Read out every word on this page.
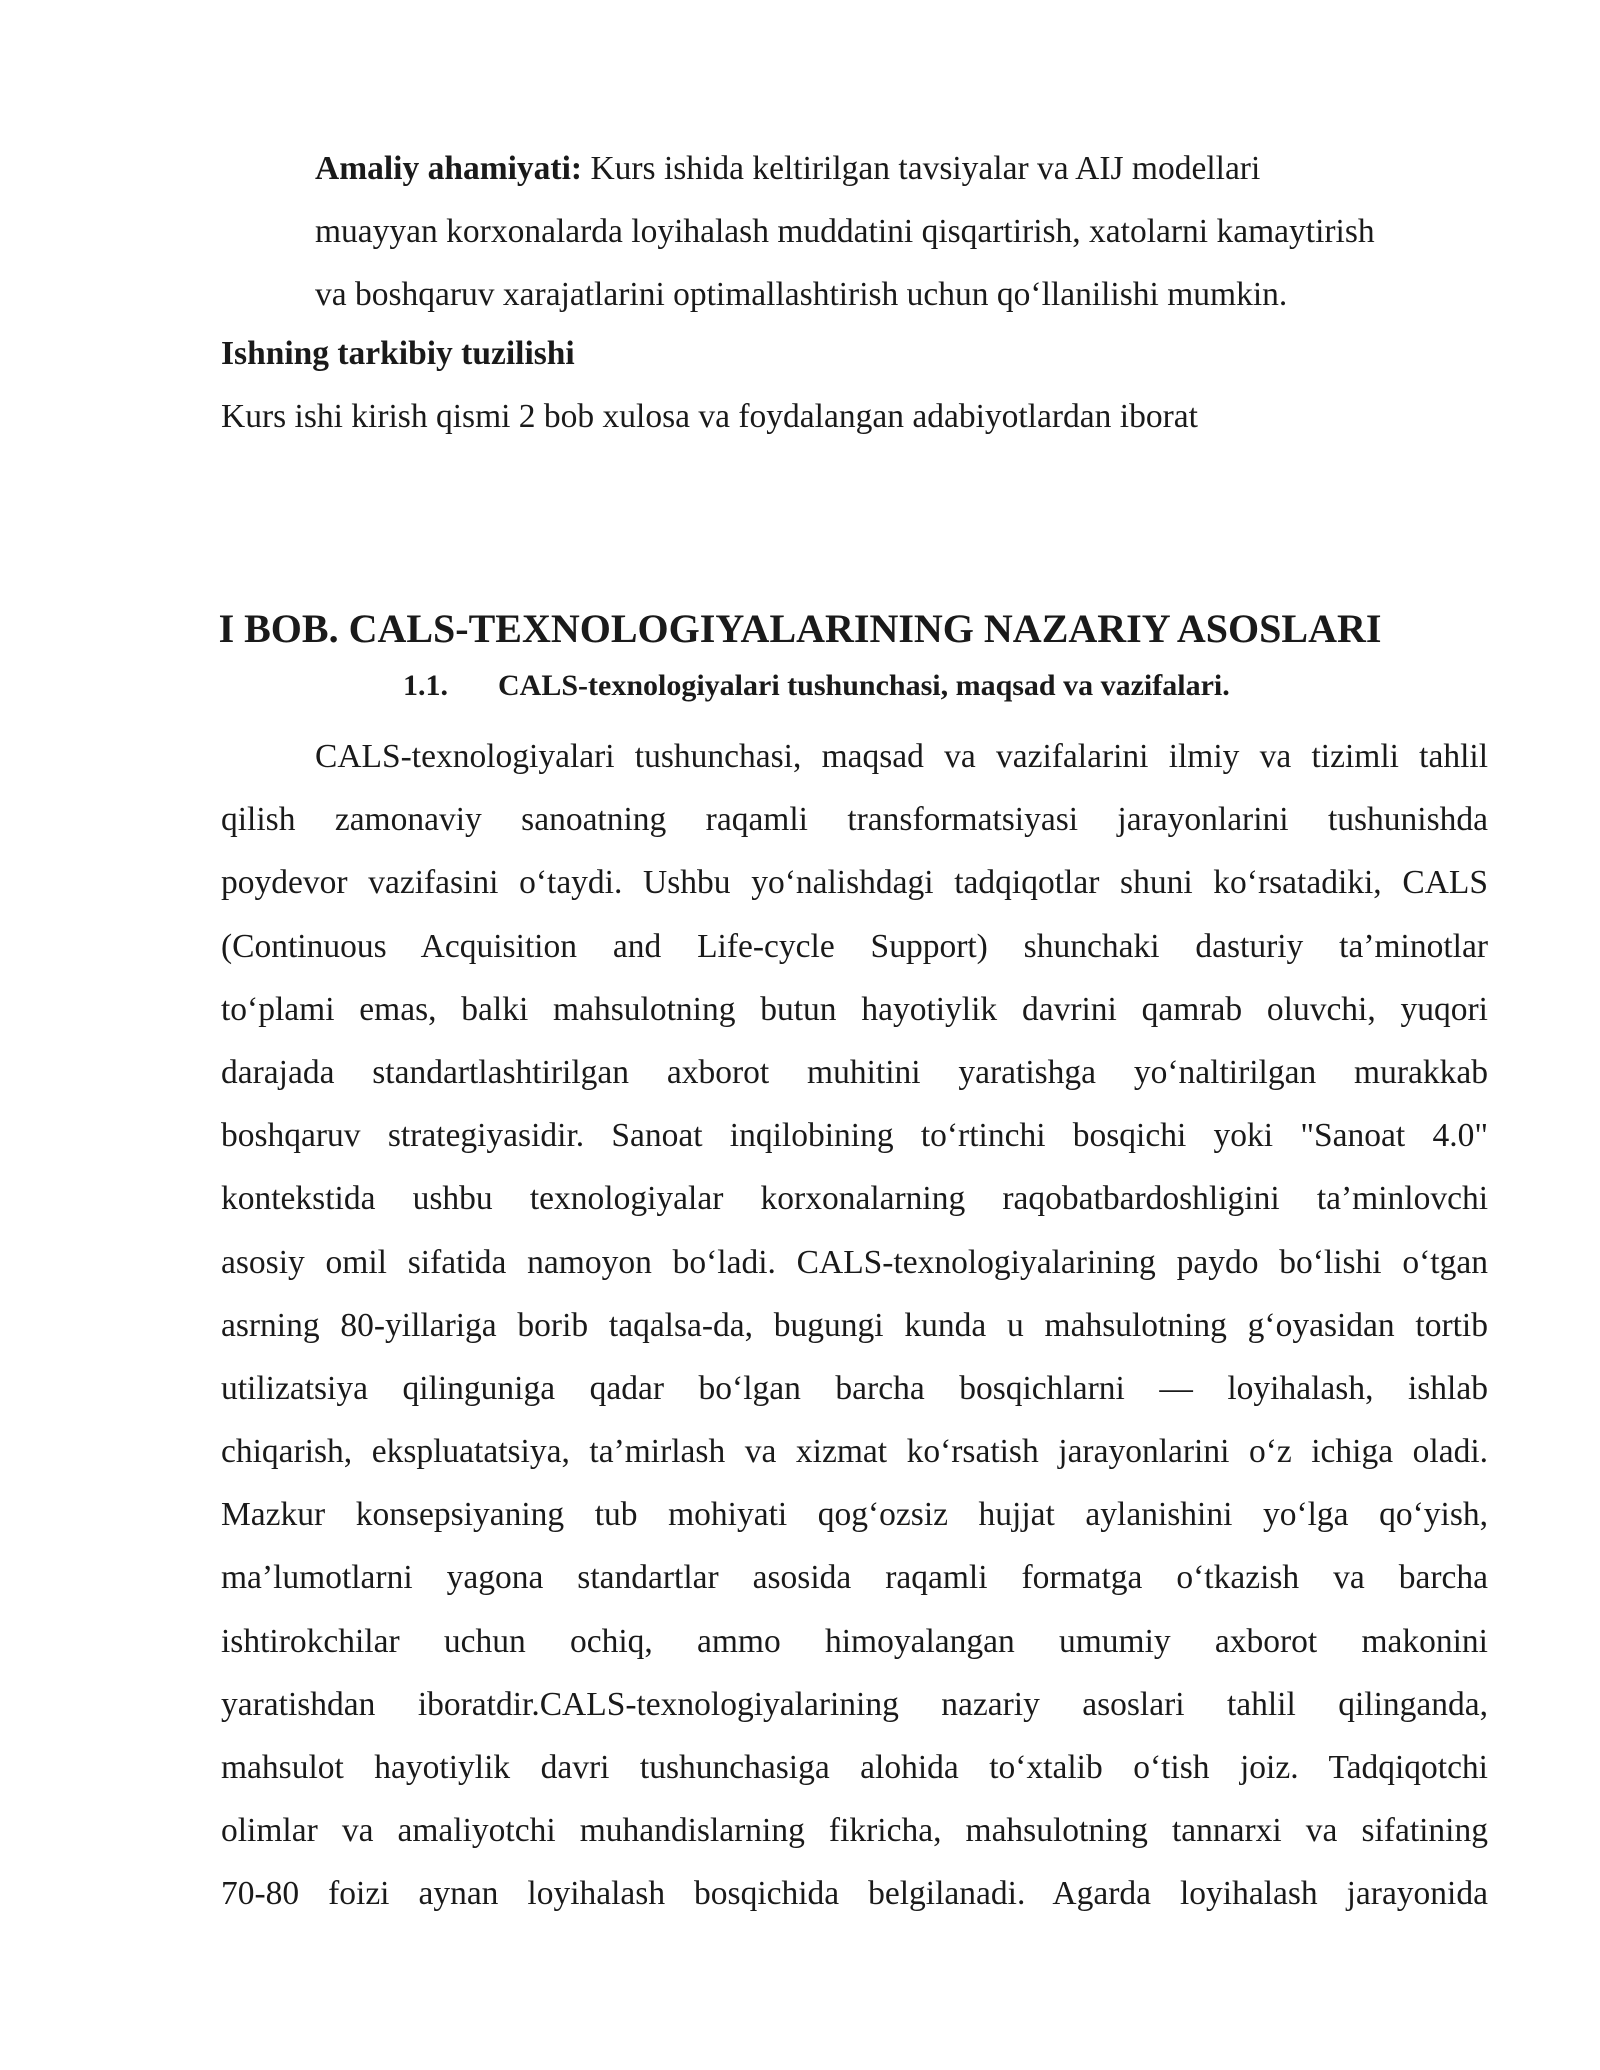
Amaliy ahamiyati: Kurs ishida keltirilgan tavsiyalar va AIJ modellari
muayyan korxonalarda loyihalash muddatini qisqartirish, xatolarni kamaytirish
va boshqaruv xarajatlarini optimallashtirish uchun qo‘llanilishi mumkin.
Ishning tarkibiy tuzilishi
Kurs ishi kirish qismi 2 bob xulosa va foydalangan adabiyotlardan iborat
I BOB. CALS-TEXNOLOGIYALARINING NAZARIY ASOSLARI
1.1. CALS-texnologiyalari tushunchasi, maqsad va vazifalari.
CALS-texnologiyalari tushunchasi, maqsad va vazifalarini ilmiy va tizimli tahlil
qilish zamonaviy sanoatning raqamli transformatsiyasi jarayonlarini tushunishda
poydevor vazifasini o‘taydi. Ushbu yo‘nalishdagi tadqiqotlar shuni ko‘rsatadiki, CALS
(Continuous Acquisition and Life-cycle Support) shunchaki dasturiy ta’minotlar
to‘plami emas, balki mahsulotning butun hayotiylik davrini qamrab oluvchi, yuqori
darajada standartlashtirilgan axborot muhitini yaratishga yo‘naltirilgan murakkab
boshqaruv strategiyasidir. Sanoat inqilobining to‘rtinchi bosqichi yoki "Sanoat 4.0"
kontekstida ushbu texnologiyalar korxonalarning raqobatbardoshligini ta’minlovchi
asosiy omil sifatida namoyon bo‘ladi. CALS-texnologiyalarining paydo bo‘lishi o‘tgan
asrning 80-yillariga borib taqalsa-da, bugungi kunda u mahsulotning g‘oyasidan tortib
utilizatsiya qilinguniga qadar bo‘lgan barcha bosqichlarni — loyihalash, ishlab
chiqarish, ekspluatatsiya, ta’mirlash va xizmat ko‘rsatish jarayonlarini o‘z ichiga oladi.
Mazkur konsepsiyaning tub mohiyati qog‘ozsiz hujjat aylanishini yo‘lga qo‘yish,
ma’lumotlarni yagona standartlar asosida raqamli formatga o‘tkazish va barcha
ishtirokchilar uchun ochiq, ammo himoyalangan umumiy axborot makonini
yaratishdan iboratdir.CALS-texnologiyalarining nazariy asoslari tahlil qilinganda,
mahsulot hayotiylik davri tushunchasiga alohida to‘xtalib o‘tish joiz. Tadqiqotchi
olimlar va amaliyotchi muhandislarning fikricha, mahsulotning tannarxi va sifatining
70-80 foizi aynan loyihalash bosqichida belgilanadi. Agarda loyihalash jarayonida
